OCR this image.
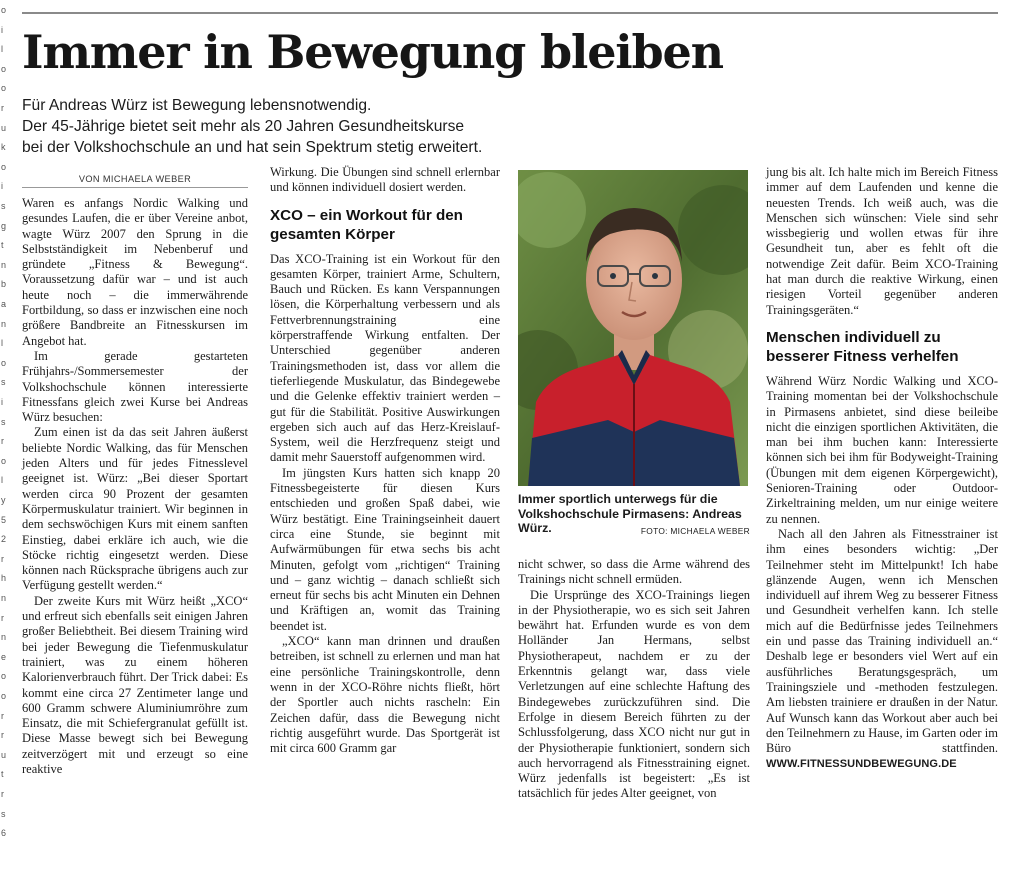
o
i
l
o
o
r
u
k
o
i
s
g
t
n
b
a
n
l
o
s
i
s
r
o
l
y
5
2
r
h
n
r
n
e
o
o
r
r
u
t
r
s
6
Immer in Bewegung bleiben
Für Andreas Würz ist Bewegung lebensnotwendig.
Der 45-Jährige bietet seit mehr als 20 Jahren Gesundheitskurse
bei der Volkshochschule an und hat sein Spektrum stetig erweitert.
VON MICHAELA WEBER

Waren es anfangs Nordic Walking und gesundes Laufen, die er über Vereine anbot, wagte Würz 2007 den Sprung in die Selbstständigkeit im Nebenberuf und gründete „Fitness & Bewegung“. Voraussetzung dafür war – und ist auch heute noch – die immerwährende Fortbildung, so dass er inzwischen eine noch größere Bandbreite an Fitnesskursen im Angebot hat.

Im gerade gestarteten Frühjahrs-/Sommersemester der Volkshochschule können interessierte Fitnessfans gleich zwei Kurse bei Andreas Würz besuchen:

Zum einen ist da das seit Jahren äußerst beliebte Nordic Walking, das für Menschen jeden Alters und für jedes Fitnesslevel geeignet ist. Würz: „Bei dieser Sportart werden circa 90 Prozent der gesamten Körpermuskulatur trainiert. Wir beginnen in dem sechswöchigen Kurs mit einem sanften Einstieg, dabei erkläre ich auch, wie die Stöcke richtig eingesetzt werden. Diese können nach Rücksprache übrigens auch zur Verfügung gestellt werden.“

Der zweite Kurs mit Würz heißt „XCO“ und erfreut sich ebenfalls seit einigen Jahren großer Beliebtheit. Bei diesem Training wird bei jeder Bewegung die Tiefenmuskulatur trainiert, was zu einem höheren Kalorienverbrauch führt. Der Trick dabei: Es kommt eine circa 27 Zentimeter lange und 600 Gramm schwere Aluminiumröhre zum Einsatz, die mit Schiefergranulat gefüllt ist. Diese Masse bewegt sich bei Bewegung zeitverzögert mit und erzeugt so eine reaktive

Wirkung. Die Übungen sind schnell erlernbar und können individuell dosiert werden.

XCO – ein Workout für den gesamten Körper

Das XCO-Training ist ein Workout für den gesamten Körper, trainiert Arme, Schultern, Bauch und Rücken. Es kann Verspannungen lösen, die Körperhaltung verbessern und als Fettverbrennungstraining eine körperstraffende Wirkung entfalten. Der Unterschied gegenüber anderen Trainingsmethoden ist, dass vor allem die tieferliegende Muskulatur, das Bindegewebe und die Gelenke effektiv trainiert werden – gut für die Stabilität. Positive Auswirkungen ergeben sich auch auf das Herz-Kreislauf-System, weil die Herzfrequenz steigt und damit mehr Sauerstoff aufgenommen wird.

Im jüngsten Kurs hatten sich knapp 20 Fitnessbegeisterte für diesen Kurs entschieden und großen Spaß dabei, wie Würz bestätigt. Eine Trainingseinheit dauert circa eine Stunde, sie beginnt mit Aufwärmübungen für etwa sechs bis acht Minuten, gefolgt vom „richtigen“ Training und – ganz wichtig – danach schließt sich erneut für sechs bis acht Minuten ein Dehnen und Kräftigen an, womit das Training beendet ist.

„XCO“ kann man drinnen und draußen betreiben, ist schnell zu erlernen und man hat eine persönliche Trainingskontrolle, denn wenn in der XCO-Röhre nichts fließt, hört der Sportler auch nichts rascheln: Ein Zeichen dafür, dass die Bewegung nicht richtig ausgeführt wurde. Das Sportgerät ist mit circa 600 Gramm gar

Immer sportlich unterwegs für die Volkshochschule Pirmasens: Andreas Würz.	FOTO: MICHAELA WEBER

nicht schwer, so dass die Arme während des Trainings nicht schnell ermüden.

Die Ursprünge des XCO-Trainings liegen in der Physiotherapie, wo es sich seit Jahren bewährt hat. Erfunden wurde es von dem Holländer Jan Hermans, selbst Physiotherapeut, nachdem er zu der Erkenntnis gelangt war, dass viele Verletzungen auf eine schlechte Haftung des Bindegewebes zurückzuführen sind. Die Erfolge in diesem Bereich führten zu der Schlussfolgerung, dass XCO nicht nur gut in der Physiotherapie funktioniert, sondern sich auch hervorragend als Fitnesstraining eignet. Würz jedenfalls ist begeistert: „Es ist tatsächlich für jedes Alter geeignet, von

jung bis alt. Ich halte mich im Bereich Fitness immer auf dem Laufenden und kenne die neuesten Trends. Ich weiß auch, was die Menschen sich wünschen: Viele sind sehr wissbegierig und wollen etwas für ihre Gesundheit tun, aber es fehlt oft die notwendige Zeit dafür. Beim XCO-Training hat man durch die reaktive Wirkung, einen riesigen Vorteil gegenüber anderen Trainingsgeräten.“

Menschen individuell zu besserer Fitness verhelfen

Während Würz Nordic Walking und XCO-Training momentan bei der Volkshochschule in Pirmasens anbietet, sind diese beileibe nicht die einzigen sportlichen Aktivitäten, die man bei ihm buchen kann: Interessierte können sich bei ihm für Bodyweight-Training (Übungen mit dem eigenen Körpergewicht), Senioren-Training oder Outdoor-Zirkeltraining melden, um nur einige weitere zu nennen.

Nach all den Jahren als Fitnesstrainer ist ihm eines besonders wichtig: „Der Teilnehmer steht im Mittelpunkt! Ich habe glänzende Augen, wenn ich Menschen individuell auf ihrem Weg zu besserer Fitness und Gesundheit verhelfen kann. Ich stelle mich auf die Bedürfnisse jedes Teilnehmers ein und passe das Training individuell an.“ Deshalb lege er besonders viel Wert auf ein ausführliches Beratungsgespräch, um Trainingsziele und -methoden festzulegen. Am liebsten trainiere er draußen in der Natur. Auf Wunsch kann das Workout aber auch bei den Teilnehmern zu Hause, im Garten oder im Büro stattfinden. WWW.FITNESSUNDBEWEGUNG.DE
